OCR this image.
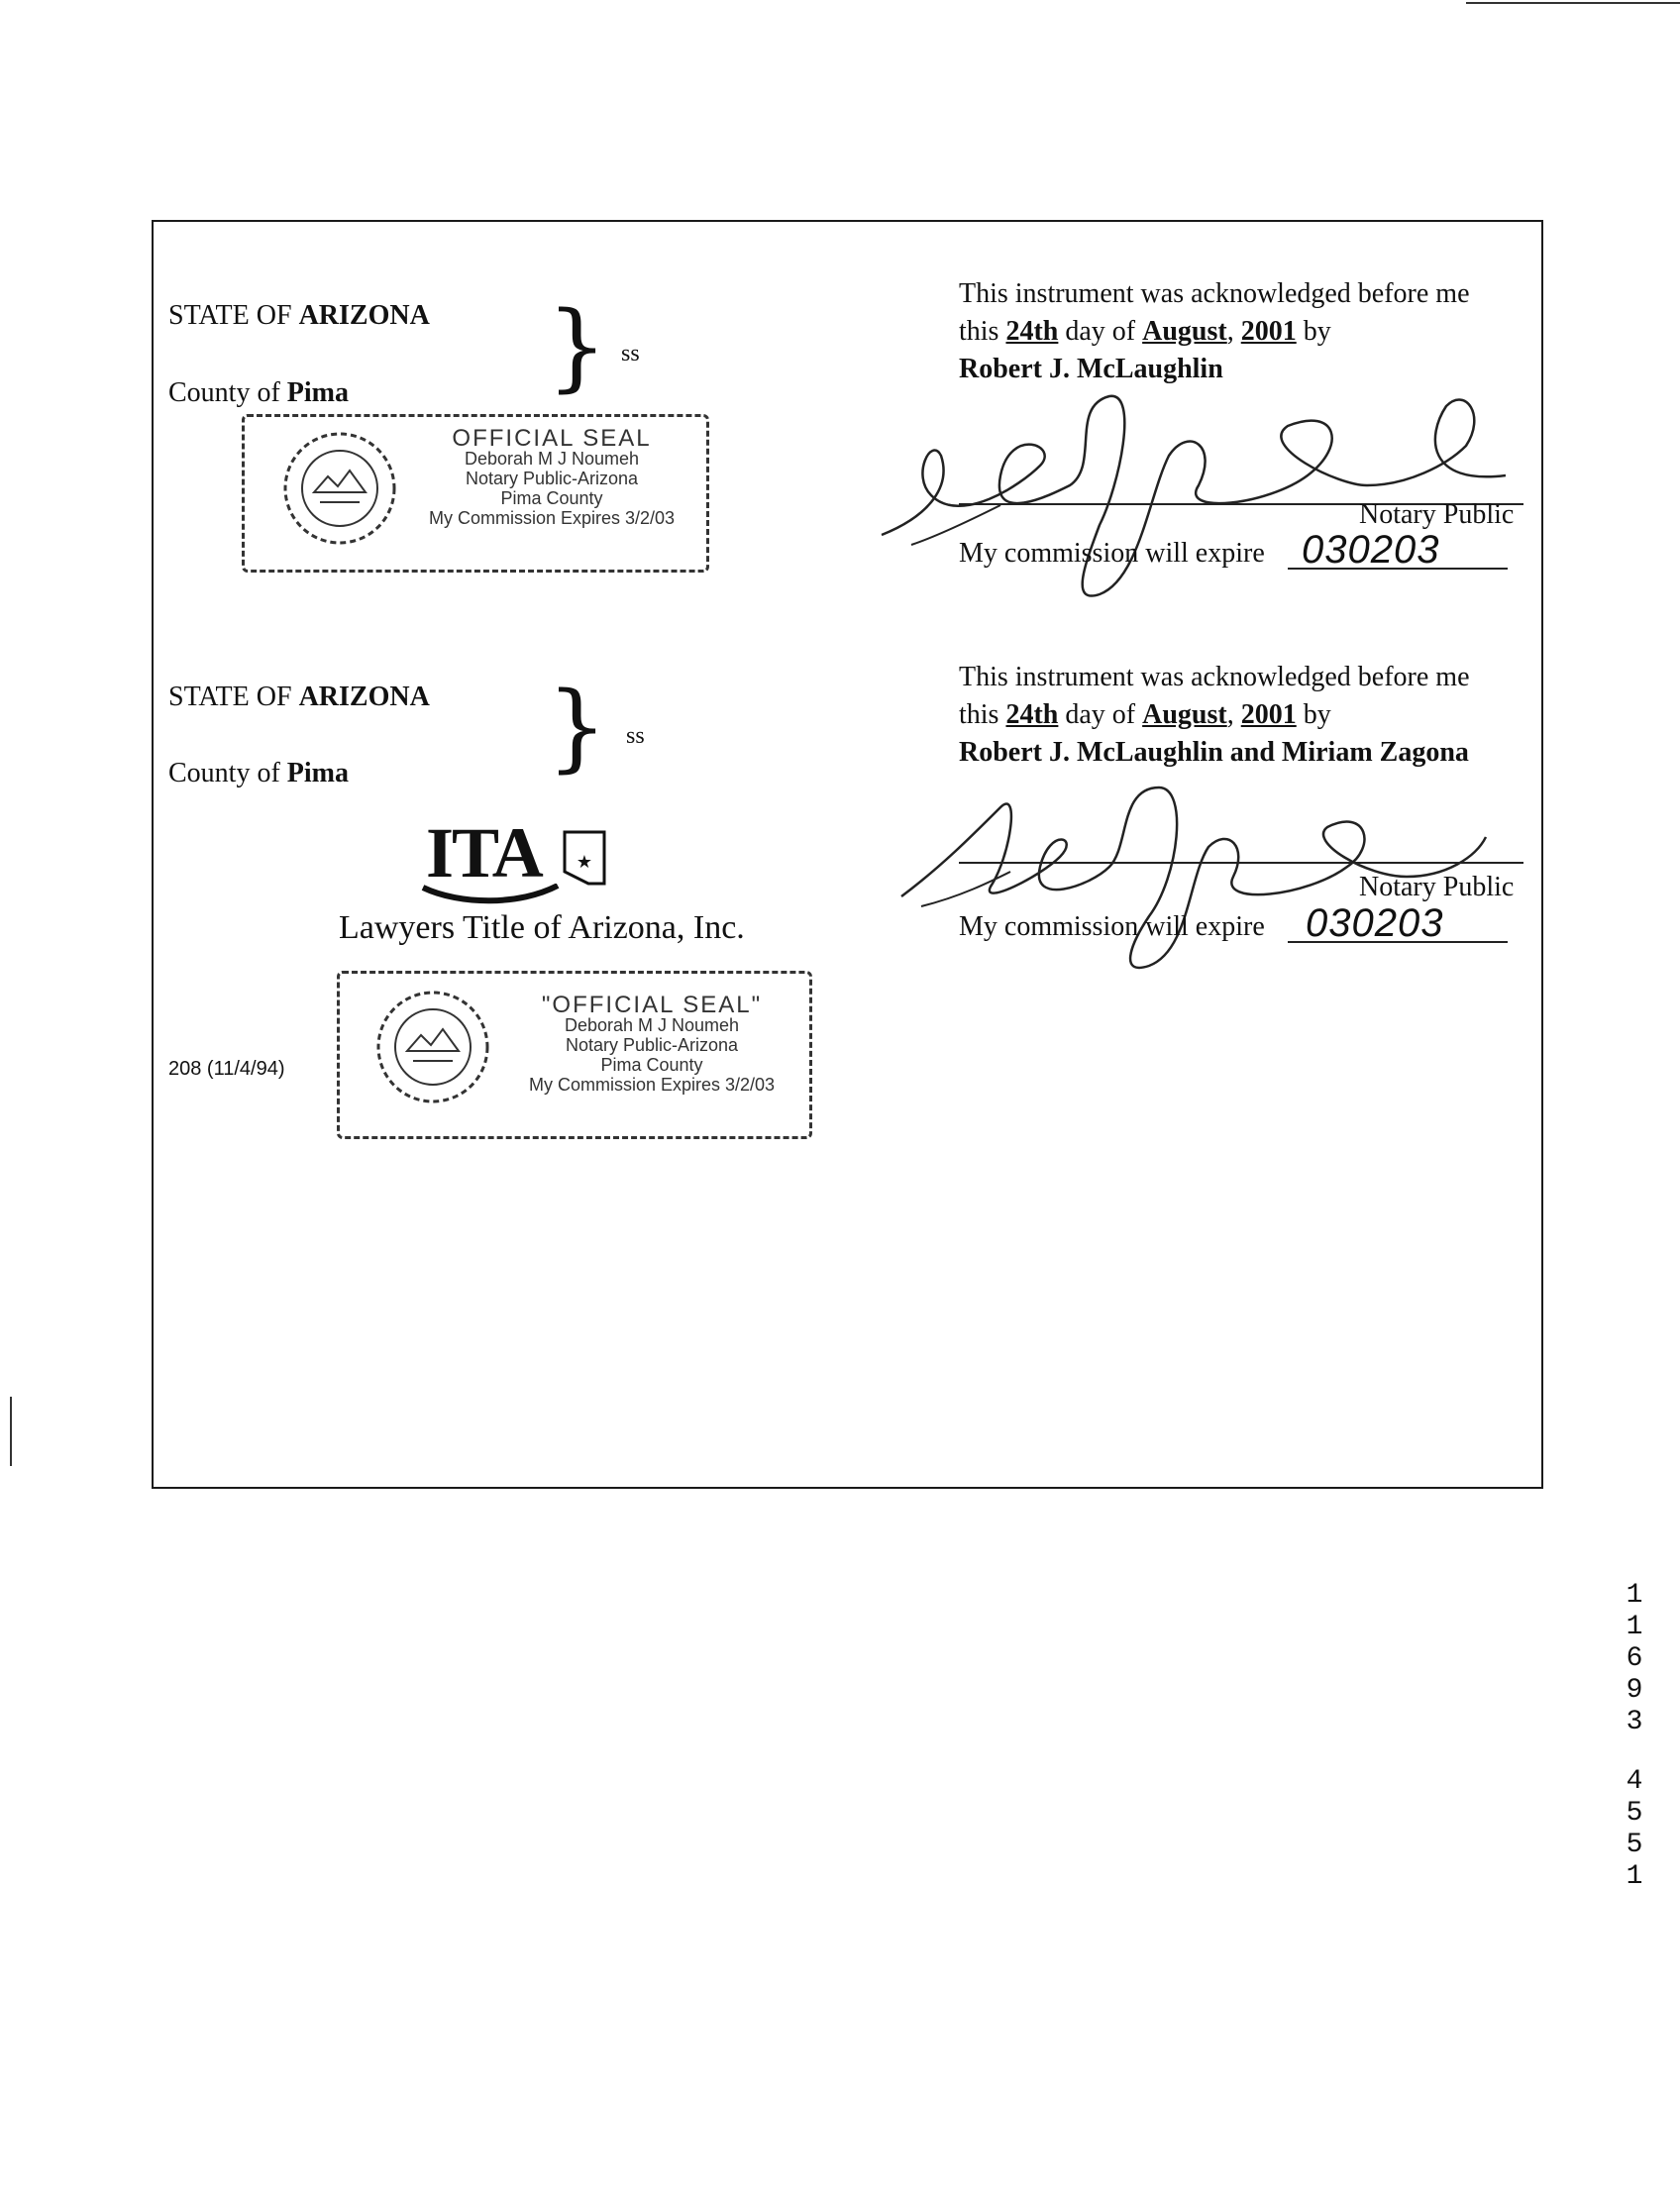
STATE OF ARIZONA
County of Pima } ss
OFFICIAL SEAL
Deborah M J Noumeh
Notary Public-Arizona
Pima County
My Commission Expires 3/2/03
This instrument was acknowledged before me
this 24th day of August, 2001 by
Robert J. McLaughlin
Notary Public
My commission will expire 030203
STATE OF ARIZONA
County of Pima } ss
ITA ★
Lawyers Title of Arizona, Inc.
"OFFICIAL SEAL"
Deborah M J Noumeh
Notary Public-Arizona
Pima County
My Commission Expires 3/2/03
208 (11/4/94)
This instrument was acknowledged before me
this 24th day of August, 2001 by
Robert J. McLaughlin and Miriam Zagona
Notary Public
My commission will expire 030203
1
1
6
9
3
4
5
5
1
